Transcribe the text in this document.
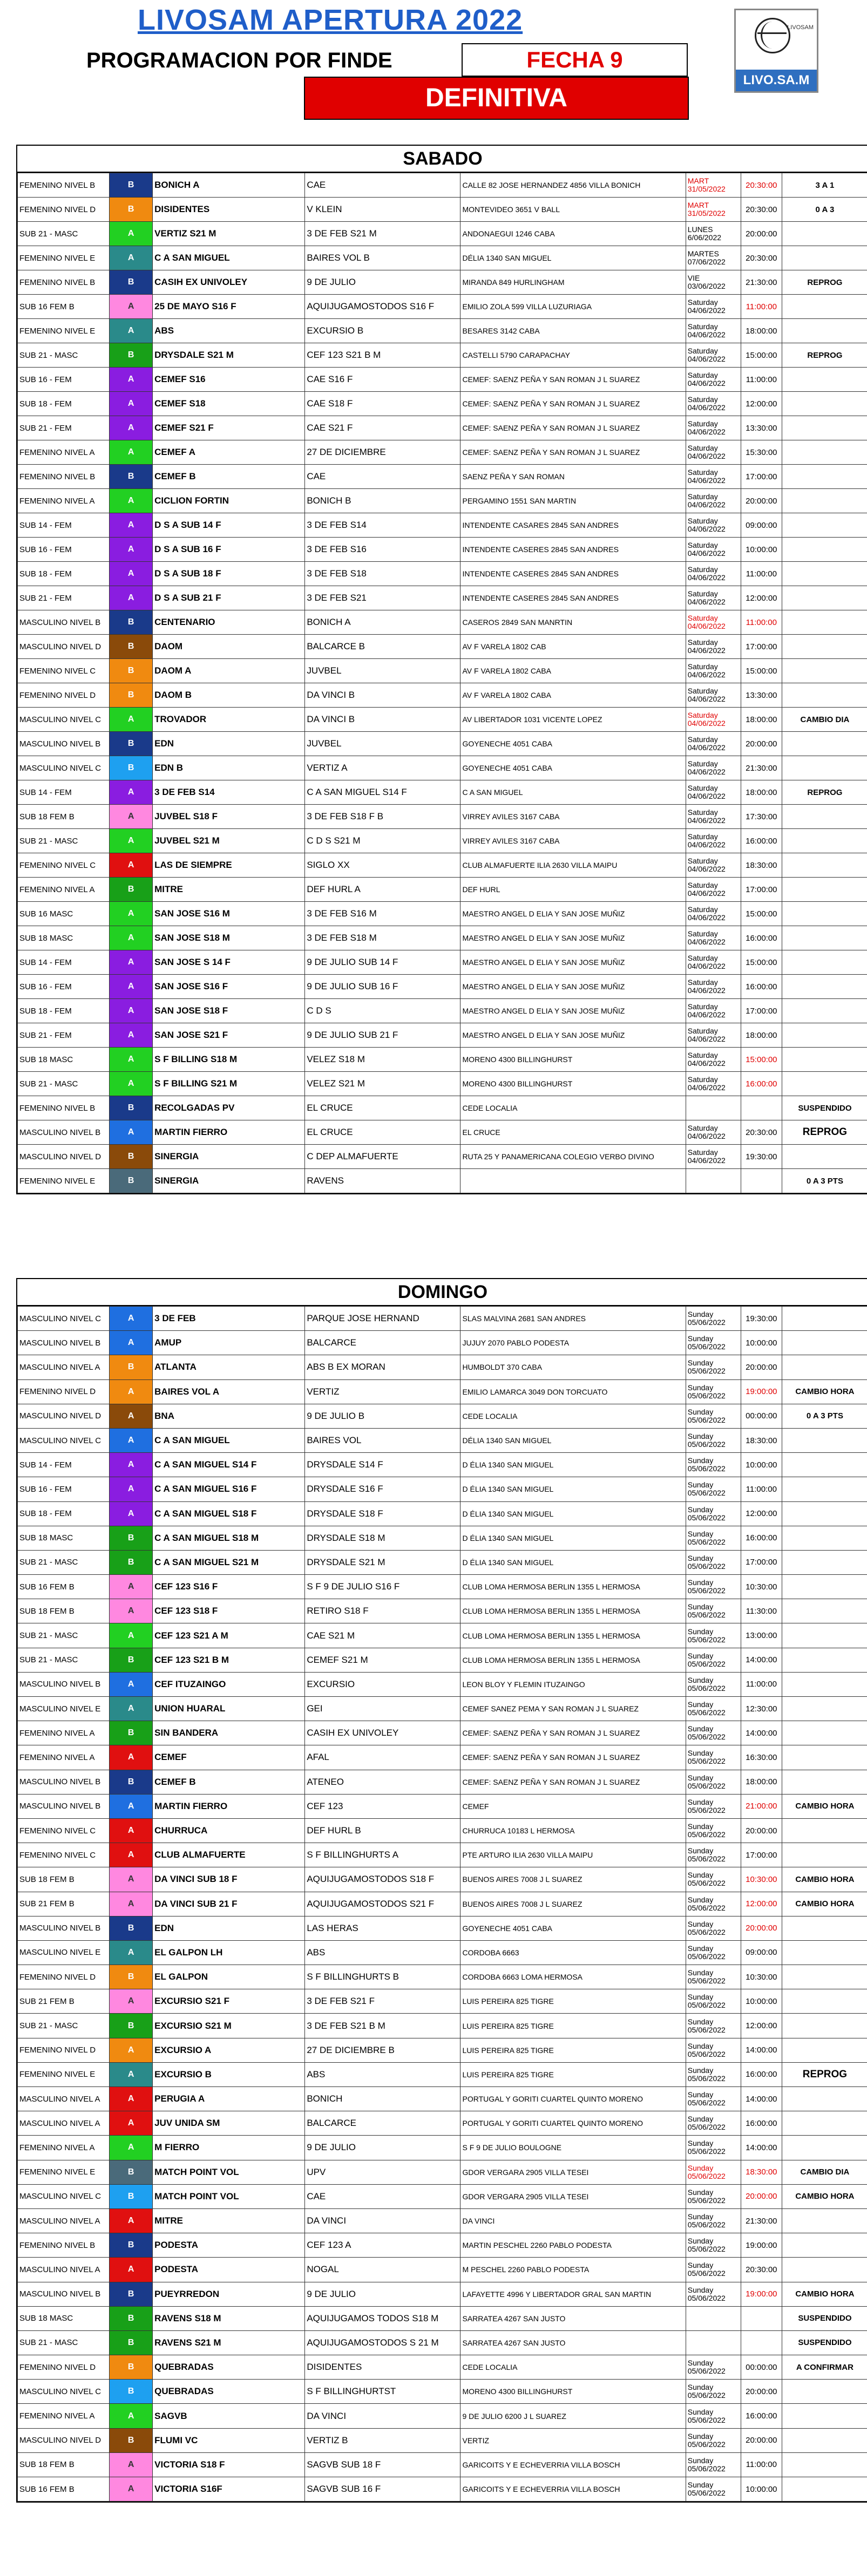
LIVOSAM APERTURA 2022
PROGRAMACION POR FINDE	FECHA 9
DEFINITIVA
LIVOSAM
LIVO.SA.M
SABADO
FEMENINO NIVEL B	B	BONICH A	CAE	CALLE 82 JOSE HERNANDEZ 4856 VILLA BONICH	MART 31/05/2022	20:30:00	3 A 1
FEMENINO NIVEL D	B	DISIDENTES	V KLEIN	MONTEVIDEO 3651 V BALL	MART 31/05/2022	20:30:00	0 A 3
SUB 21 - MASC	A	VERTIZ S21 M	3 DE FEB S21 M	ANDONAEGUI 1246 CABA	LUNES 6/06/2022	20:00:00	
FEMENINO NIVEL E	A	C A SAN MIGUEL	BAIRES VOL B	DÉLIA 1340 SAN MIGUEL	MARTES 07/06/2022	20:30:00	
FEMENINO NIVEL B	B	CASIH EX UNIVOLEY	9 DE JULIO	MIRANDA 849 HURLINGHAM	VIE 03/06/2022	21:30:00	REPROG
SUB 16 FEM B	A	25 DE MAYO S16 F	AQUIJUGAMOSTODOS S16 F	EMILIO ZOLA 599 VILLA LUZURIAGA	Saturday 04/06/2022	11:00:00	
FEMENINO NIVEL E	A	ABS	EXCURSIO B	BESARES 3142 CABA	Saturday 04/06/2022	18:00:00	
SUB 21 - MASC	B	DRYSDALE S21 M	CEF 123 S21 B M	CASTELLI 5790 CARAPACHAY	Saturday 04/06/2022	15:00:00	REPROG
SUB 16 - FEM	A	CEMEF S16	CAE S16 F	CEMEF: SAENZ PEÑA Y SAN ROMAN J L SUAREZ	Saturday 04/06/2022	11:00:00	
SUB 18 - FEM	A	CEMEF S18	CAE S18 F	CEMEF: SAENZ PEÑA Y SAN ROMAN J L SUAREZ	Saturday 04/06/2022	12:00:00	
SUB 21 - FEM	A	CEMEF S21 F	CAE S21 F	CEMEF: SAENZ PEÑA Y SAN ROMAN J L SUAREZ	Saturday 04/06/2022	13:30:00	
FEMENINO NIVEL A	A	CEMEF A	27 DE DICIEMBRE	CEMEF: SAENZ PEÑA Y SAN ROMAN J L SUAREZ	Saturday 04/06/2022	15:30:00	
FEMENINO NIVEL B	B	CEMEF B	CAE	SAENZ PEÑA Y SAN ROMAN	Saturday 04/06/2022	17:00:00	
FEMENINO NIVEL A	A	CICLION FORTIN	BONICH B	PERGAMINO 1551 SAN MARTIN	Saturday 04/06/2022	20:00:00	
SUB 14 - FEM	A	D S A SUB 14 F	3 DE FEB S14	INTENDENTE CASARES 2845 SAN ANDRES	Saturday 04/06/2022	09:00:00	
SUB 16 - FEM	A	D S A SUB 16 F	3 DE FEB S16	INTENDENTE CASERES 2845 SAN ANDRES	Saturday 04/06/2022	10:00:00	
SUB 18 - FEM	A	D S A SUB 18 F	3 DE FEB S18	INTENDENTE CASERES 2845 SAN ANDRES	Saturday 04/06/2022	11:00:00	
SUB 21 - FEM	A	D S A SUB 21 F	3 DE FEB S21	INTENDENTE CASERES 2845 SAN ANDRES	Saturday 04/06/2022	12:00:00	
MASCULINO NIVEL B	B	CENTENARIO	BONICH A	CASEROS 2849 SAN MANRTIN	Saturday 04/06/2022	11:00:00	
MASCULINO NIVEL D	B	DAOM	BALCARCE B	AV F VARELA 1802 CAB	Saturday 04/06/2022	17:00:00	
FEMENINO NIVEL C	B	DAOM A	JUVBEL	AV F VARELA 1802 CABA	Saturday 04/06/2022	15:00:00	
FEMENINO NIVEL D	B	DAOM B	DA VINCI B	AV F VARELA 1802 CABA	Saturday 04/06/2022	13:30:00	
MASCULINO NIVEL C	A	TROVADOR	DA VINCI B	AV LIBERTADOR 1031 VICENTE LOPEZ	Saturday 04/06/2022	18:00:00	CAMBIO DIA
MASCULINO NIVEL B	B	EDN	JUVBEL	GOYENECHE 4051 CABA	Saturday 04/06/2022	20:00:00	
MASCULINO NIVEL C	B	EDN B	VERTIZ A	GOYENECHE 4051 CABA	Saturday 04/06/2022	21:30:00	
SUB 14 - FEM	A	3 DE FEB S14	C A SAN MIGUEL S14 F	C A SAN MIGUEL	Saturday 04/06/2022	18:00:00	REPROG
SUB 18 FEM B	A	JUVBEL S18 F	3 DE FEB S18 F B	VIRREY AVILES 3167 CABA	Saturday 04/06/2022	17:30:00	
SUB 21 - MASC	A	JUVBEL S21 M	C D S S21 M	VIRREY AVILES 3167 CABA	Saturday 04/06/2022	16:00:00	
FEMENINO NIVEL C	A	LAS DE SIEMPRE	SIGLO XX	CLUB ALMAFUERTE ILIA 2630 VILLA MAIPU	Saturday 04/06/2022	18:30:00	
FEMENINO NIVEL A	B	MITRE	DEF HURL A	DEF HURL	Saturday 04/06/2022	17:00:00	
SUB 16 MASC	A	SAN JOSE S16 M	3 DE FEB S16 M	MAESTRO ANGEL D ELIA Y SAN JOSE MUÑIZ	Saturday 04/06/2022	15:00:00	
SUB 18 MASC	A	SAN JOSE S18 M	3 DE FEB S18 M	MAESTRO ANGEL D ELIA Y SAN JOSE MUÑIZ	Saturday 04/06/2022	16:00:00	
SUB 14 - FEM	A	SAN JOSE S 14 F	9 DE JULIO SUB 14 F	MAESTRO ANGEL D ELIA Y SAN JOSE MUÑIZ	Saturday 04/06/2022	15:00:00	
SUB 16 - FEM	A	SAN JOSE S16 F	9 DE JULIO SUB 16 F	MAESTRO ANGEL D ELIA Y SAN JOSE MUÑIZ	Saturday 04/06/2022	16:00:00	
SUB 18 - FEM	A	SAN JOSE S18 F	C D S	MAESTRO ANGEL D ELIA Y SAN JOSE MUÑIZ	Saturday 04/06/2022	17:00:00	
SUB 21 - FEM	A	SAN JOSE S21 F	9 DE JULIO SUB 21 F	MAESTRO ANGEL D ELIA Y SAN JOSE MUÑIZ	Saturday 04/06/2022	18:00:00	
SUB 18 MASC	A	S F BILLING S18 M	VELEZ S18 M	MORENO 4300 BILLINGHURST	Saturday 04/06/2022	15:00:00	
SUB 21 - MASC	A	S F BILLING S21 M	VELEZ S21 M	MORENO 4300 BILLINGHURST	Saturday 04/06/2022	16:00:00	
FEMENINO NIVEL B	B	RECOLGADAS PV	EL CRUCE	CEDE LOCALIA			SUSPENDIDO
MASCULINO NIVEL B	A	MARTIN FIERRO	EL CRUCE	EL CRUCE	Saturday 04/06/2022	20:30:00	REPROG
MASCULINO NIVEL D	B	SINERGIA	C DEP ALMAFUERTE	RUTA 25 Y PANAMERICANA COLEGIO VERBO DIVINO	Saturday 04/06/2022	19:30:00	
FEMENINO NIVEL E	B	SINERGIA	RAVENS				0 A 3 PTS
DOMINGO
MASCULINO NIVEL C	A	3 DE FEB	PARQUE JOSE HERNAND	SLAS MALVINA 2681 SAN ANDRES	Sunday 05/06/2022	19:30:00	
MASCULINO NIVEL B	A	AMUP	BALCARCE	JUJUY 2070 PABLO PODESTA	Sunday 05/06/2022	10:00:00	
MASCULINO NIVEL A	B	ATLANTA	ABS B EX MORAN	HUMBOLDT 370 CABA	Sunday 05/06/2022	20:00:00	
FEMENINO NIVEL D	A	BAIRES VOL A	VERTIZ	EMILIO LAMARCA 3049 DON TORCUATO	Sunday 05/06/2022	19:00:00	CAMBIO HORA
MASCULINO NIVEL D	A	BNA	9 DE JULIO B	CEDE LOCALIA	Sunday 05/06/2022	00:00:00	0 A 3 PTS
MASCULINO NIVEL C	A	C A SAN MIGUEL	BAIRES VOL	DÉLIA 1340 SAN MIGUEL	Sunday 05/06/2022	18:30:00	
SUB 14 - FEM	A	C A SAN MIGUEL S14 F	DRYSDALE S14 F	D ÉLIA 1340 SAN MIGUEL	Sunday 05/06/2022	10:00:00	
SUB 16 - FEM	A	C A SAN MIGUEL S16 F	DRYSDALE S16 F	D ÉLIA 1340 SAN MIGUEL	Sunday 05/06/2022	11:00:00	
SUB 18 - FEM	A	C A SAN MIGUEL S18 F	DRYSDALE S18 F	D ÉLIA 1340 SAN MIGUEL	Sunday 05/06/2022	12:00:00	
SUB 18 MASC	B	C A SAN MIGUEL S18 M	DRYSDALE S18 M	D ÉLIA 1340 SAN MIGUEL	Sunday 05/06/2022	16:00:00	
SUB 21 - MASC	B	C A SAN MIGUEL S21 M	DRYSDALE S21 M	D ÉLIA 1340 SAN MIGUEL	Sunday 05/06/2022	17:00:00	
SUB 16 FEM B	A	CEF 123 S16 F	S F 9 DE JULIO S16 F	CLUB LOMA HERMOSA BERLIN 1355 L HERMOSA	Sunday 05/06/2022	10:30:00	
SUB 18 FEM B	A	CEF 123 S18 F	RETIRO S18 F	CLUB LOMA HERMOSA BERLIN 1355 L HERMOSA	Sunday 05/06/2022	11:30:00	
SUB 21 - MASC	A	CEF 123 S21 A M	CAE S21 M	CLUB LOMA HERMOSA BERLIN 1355 L HERMOSA	Sunday 05/06/2022	13:00:00	
SUB 21 - MASC	B	CEF 123 S21 B M	CEMEF S21 M	CLUB LOMA HERMOSA BERLIN 1355 L HERMOSA	Sunday 05/06/2022	14:00:00	
MASCULINO NIVEL B	A	CEF ITUZAINGO	EXCURSIO	LEON BLOY Y FLEMIN ITUZAINGO	Sunday 05/06/2022	11:00:00	
MASCULINO NIVEL E	A	UNION HUARAL	GEI	CEMEF SANEZ PEMA Y SAN ROMAN J L SUAREZ	Sunday 05/06/2022	12:30:00	
FEMENINO NIVEL A	B	SIN BANDERA	CASIH EX UNIVOLEY	CEMEF: SAENZ PEÑA Y SAN ROMAN J L SUAREZ	Sunday 05/06/2022	14:00:00	
FEMENINO NIVEL A	A	CEMEF	AFAL	CEMEF: SAENZ PEÑA Y SAN ROMAN J L SUAREZ	Sunday 05/06/2022	16:30:00	
MASCULINO NIVEL B	B	CEMEF B	ATENEO	CEMEF: SAENZ PEÑA Y SAN ROMAN J L SUAREZ	Sunday 05/06/2022	18:00:00	
MASCULINO NIVEL B	A	MARTIN FIERRO	CEF 123	CEMEF	Sunday 05/06/2022	21:00:00	CAMBIO HORA
FEMENINO NIVEL C	A	CHURRUCA	DEF HURL B	CHURRUCA 10183 L HERMOSA	Sunday 05/06/2022	20:00:00	
FEMENINO NIVEL C	A	CLUB ALMAFUERTE	S F BILLINGHURTS A	PTE ARTURO ILIA 2630 VILLA MAIPU	Sunday 05/06/2022	17:00:00	
SUB 18 FEM B	A	DA VINCI SUB 18 F	AQUIJUGAMOSTODOS S18 F	BUENOS AIRES 7008 J L SUAREZ	Sunday 05/06/2022	10:30:00	CAMBIO HORA
SUB 21 FEM B	A	DA VINCI SUB 21 F	AQUIJUGAMOSTODOS S21 F	BUENOS AIRES 7008 J L SUAREZ	Sunday 05/06/2022	12:00:00	CAMBIO HORA
MASCULINO NIVEL B	B	EDN	LAS HERAS	GOYENECHE 4051 CABA	Sunday 05/06/2022	20:00:00	
MASCULINO NIVEL E	A	EL GALPON LH	ABS	CORDOBA 6663	Sunday 05/06/2022	09:00:00	
FEMENINO NIVEL D	B	EL GALPON	S F BILLINGHURTS B	CORDOBA 6663 LOMA HERMOSA	Sunday 05/06/2022	10:30:00	
SUB 21 FEM B	A	EXCURSIO S21 F	3 DE FEB S21 F	LUIS PEREIRA 825 TIGRE	Sunday 05/06/2022	10:00:00	
SUB 21 - MASC	B	EXCURSIO S21 M	3 DE FEB S21 B M	LUIS PEREIRA 825 TIGRE	Sunday 05/06/2022	12:00:00	
FEMENINO NIVEL D	A	EXCURSIO A	27 DE DICIEMBRE B	LUIS PEREIRA 825 TIGRE	Sunday 05/06/2022	14:00:00	
FEMENINO NIVEL E	A	EXCURSIO B	ABS	LUIS PEREIRA 825 TIGRE	Sunday 05/06/2022	16:00:00	REPROG
MASCULINO NIVEL A	A	PERUGIA A	BONICH	PORTUGAL Y GORITI CUARTEL QUINTO MORENO	Sunday 05/06/2022	14:00:00	
MASCULINO NIVEL A	A	JUV UNIDA SM	BALCARCE	PORTUGAL Y GORITI CUARTEL QUINTO MORENO	Sunday 05/06/2022	16:00:00	
FEMENINO NIVEL A	A	M FIERRO	9 DE JULIO	S F 9 DE JULIO BOULOGNE	Sunday 05/06/2022	14:00:00	
FEMENINO NIVEL E	B	MATCH POINT VOL	UPV	GDOR VERGARA 2905 VILLA TESEI	Sunday 05/06/2022	18:30:00	CAMBIO DIA
MASCULINO NIVEL C	B	MATCH POINT VOL	CAE	GDOR VERGARA 2905 VILLA TESEI	Sunday 05/06/2022	20:00:00	CAMBIO HORA
MASCULINO NIVEL A	A	MITRE	DA VINCI	DA VINCI	Sunday 05/06/2022	21:30:00	
FEMENINO NIVEL B	B	PODESTA	CEF 123 A	MARTIN PESCHEL 2260 PABLO PODESTA	Sunday 05/06/2022	19:00:00	
MASCULINO NIVEL A	A	PODESTA	NOGAL	M PESCHEL 2260 PABLO PODESTA	Sunday 05/06/2022	20:30:00	
MASCULINO NIVEL B	B	PUEYRREDON	9 DE JULIO	LAFAYETTE 4996 Y LIBERTADOR GRAL SAN MARTIN	Sunday 05/06/2022	19:00:00	CAMBIO HORA
SUB 18 MASC	B	RAVENS S18 M	AQUIJUGAMOS TODOS S18 M	SARRATEA 4267 SAN JUSTO			SUSPENDIDO
SUB 21 - MASC	B	RAVENS S21 M	AQUIJUGAMOSTODOS S 21 M	SARRATEA 4267 SAN JUSTO			SUSPENDIDO
FEMENINO NIVEL D	B	QUEBRADAS	DISIDENTES	CEDE LOCALIA	Sunday 05/06/2022	00:00:00	A CONFIRMAR
MASCULINO NIVEL C	B	QUEBRADAS	S F BILLINGHURTST	MORENO 4300 BILLINGHURST	Sunday 05/06/2022	20:00:00	
FEMENINO NIVEL A	A	SAGVB	DA VINCI	9 DE JULIO 6200 J L SUAREZ	Sunday 05/06/2022	16:00:00	
MASCULINO NIVEL D	B	FLUMI VC	VERTIZ B	VERTIZ	Sunday 05/06/2022	20:00:00	
SUB 18 FEM B	A	VICTORIA S18 F	SAGVB SUB 18 F	GARICOITS Y E ECHEVERRIA VILLA BOSCH	Sunday 05/06/2022	11:00:00	
SUB 16 FEM B	A	VICTORIA S16F	SAGVB SUB 16 F	GARICOITS Y E ECHEVERRIA VILLA BOSCH	Sunday 05/06/2022	10:00:00	
